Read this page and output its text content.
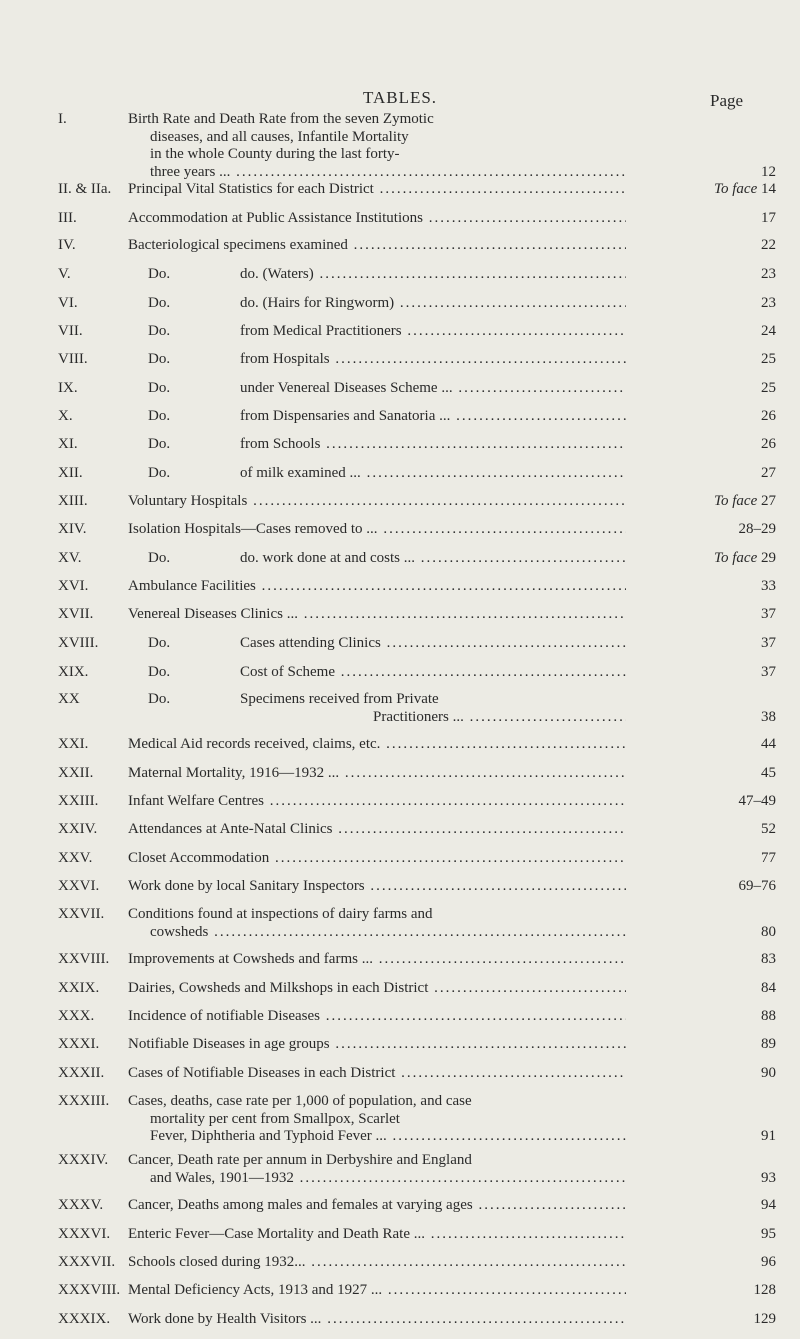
TABLES.	Page
I.	Birth Rate and Death Rate from the seven Zymotic
diseases, and all causes, Infantile Mortality
in the whole County during the last forty-
three years ... .....	12
II. & IIa. Principal Vital Statistics for each District .....	To face 14
III.	Accommodation at Public Assistance Institutions .....	17
IV.	Bacteriological specimens examined .....	22
V.	Do.	do. (Waters) .....	23
VI.	Do.	do. (Hairs for Ringworm) .....	23
VII.	Do.	from Medical Practitioners .....	24
VIII.	Do.	from Hospitals .....	25
IX.	Do.	under Venereal Diseases Scheme ... .....	25
X.	Do.	from Dispensaries and Sanatoria ... .....	26
XI.	Do.	from Schools .....	26
XII.	Do.	of milk examined ... .....	27
XIII.	Voluntary Hospitals .....	To face 27
XIV.	Isolation Hospitals—Cases removed to ... .....	28–29
XV.	Do.	do. work done at and costs ... .....	To face 29
XVI.	Ambulance Facilities .....	33
XVII. Venereal Diseases Clinics ... .....	37
XVIII.	Do.	Cases attending Clinics .....	37
XIX.	Do.	Cost of Scheme .....	37
XX	Do.	Specimens received from Private
Practitioners ... .....	38
XXI.	Medical Aid records received, claims, etc. .....	44
XXII. Maternal Mortality, 1916—1932 ... .....	45
XXIII. Infant Welfare Centres .....	47–49
XXIV. Attendances at Ante-Natal Clinics .....	52
XXV. Closet Accommodation .....	77
XXVI. Work done by local Sanitary Inspectors .....	69–76
XXVII. Conditions found at inspections of dairy farms and
cowsheds .....	80
XXVIII. Improvements at Cowsheds and farms ... .....	83
XXIX. Dairies, Cowsheds and Milkshops in each District .....	84
XXX. Incidence of notifiable Diseases .....	88
XXXI. Notifiable Diseases in age groups .....	89
XXXII. Cases of Notifiable Diseases in each District .....	90
XXXIII. Cases, deaths, case rate per 1,000 of population, and case
mortality per cent from Smallpox, Scarlet
Fever, Diphtheria and Typhoid Fever ... .....	91
XXXIV. Cancer, Death rate per annum in Derbyshire and England
and Wales, 1901—1932 .....	93
XXXV. Cancer, Deaths among males and females at varying ages .....	94
XXXVI. Enteric Fever—Case Mortality and Death Rate ... .....	95
XXXVII. Schools closed during 1932... .....	96
XXXVIII. Mental Deficiency Acts, 1913 and 1927 ... .....	128
XXXIX. Work done by Health Visitors ... .....	129
